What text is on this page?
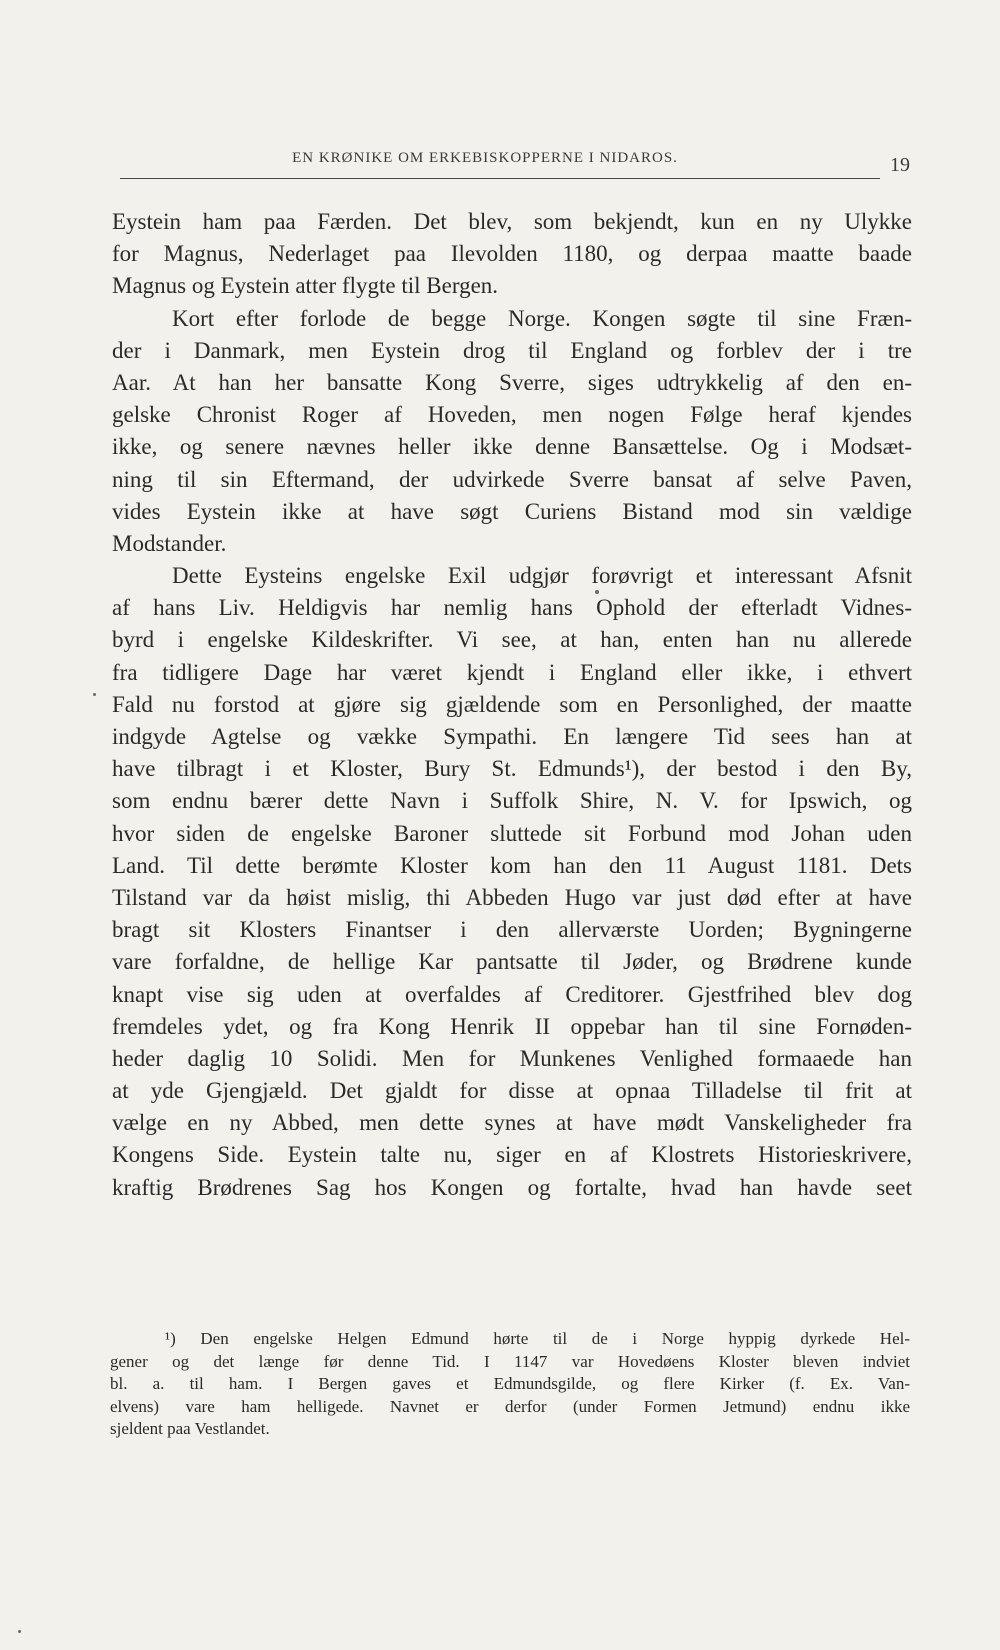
EN KRØNIKE OM ERKEBISKOPPERNE I NIDAROS.	19
Eystein ham paa Færden. Det blev, som bekjendt, kun en ny Ulykke
for Magnus, Nederlaget paa Ilevolden 1180, og derpaa maatte baade
Magnus og Eystein atter flygte til Bergen.
Kort efter forlode de begge Norge. Kongen søgte til sine Fræn-
der i Danmark, men Eystein drog til England og forblev der i tre
Aar. At han her bansatte Kong Sverre, siges udtrykkelig af den en-
gelske Chronist Roger af Hoveden, men nogen Følge heraf kjendes
ikke, og senere nævnes heller ikke denne Bansættelse. Og i Modsæt-
ning til sin Eftermand, der udvirkede Sverre bansat af selve Paven,
vides Eystein ikke at have søgt Curiens Bistand mod sin vældige
Modstander.
Dette Eysteins engelske Exil udgjør forøvrigt et interessant Afsnit
af hans Liv. Heldigvis har nemlig hans Ophold der efterladt Vidnes-
byrd i engelske Kildeskrifter. Vi see, at han, enten han nu allerede
fra tidligere Dage har været kjendt i England eller ikke, i ethvert
Fald nu forstod at gjøre sig gjældende som en Personlighed, der maatte
indgyde Agtelse og vække Sympathi. En længere Tid sees han at
have tilbragt i et Kloster, Bury St. Edmunds¹), der bestod i den By,
som endnu bærer dette Navn i Suffolk Shire, N. V. for Ipswich, og
hvor siden de engelske Baroner sluttede sit Forbund mod Johan uden
Land. Til dette berømte Kloster kom han den 11 August 1181. Dets
Tilstand var da høist mislig, thi Abbeden Hugo var just død efter at have
bragt sit Klosters Finantser i den allerværste Uorden; Bygningerne
vare forfaldne, de hellige Kar pantsatte til Jøder, og Brødrene kunde
knapt vise sig uden at overfaldes af Creditorer. Gjestfrihed blev dog
fremdeles ydet, og fra Kong Henrik II oppebar han til sine Fornøden-
heder daglig 10 Solidi. Men for Munkenes Venlighed formaaede han
at yde Gjengjæld. Det gjaldt for disse at opnaa Tilladelse til frit at
vælge en ny Abbed, men dette synes at have mødt Vanskeligheder fra
Kongens Side. Eystein talte nu, siger en af Klostrets Historieskrivere,
kraftig Brødrenes Sag hos Kongen og fortalte, hvad han havde seet
¹) Den engelske Helgen Edmund hørte til de i Norge hyppig dyrkede Hel-
gener og det længe før denne Tid. I 1147 var Hovedøens Kloster bleven indviet
bl. a. til ham. I Bergen gaves et Edmundsgilde, og flere Kirker (f. Ex. Van-
elvens) vare ham helligede. Navnet er derfor (under Formen Jetmund) endnu ikke
sjeldent paa Vestlandet.
